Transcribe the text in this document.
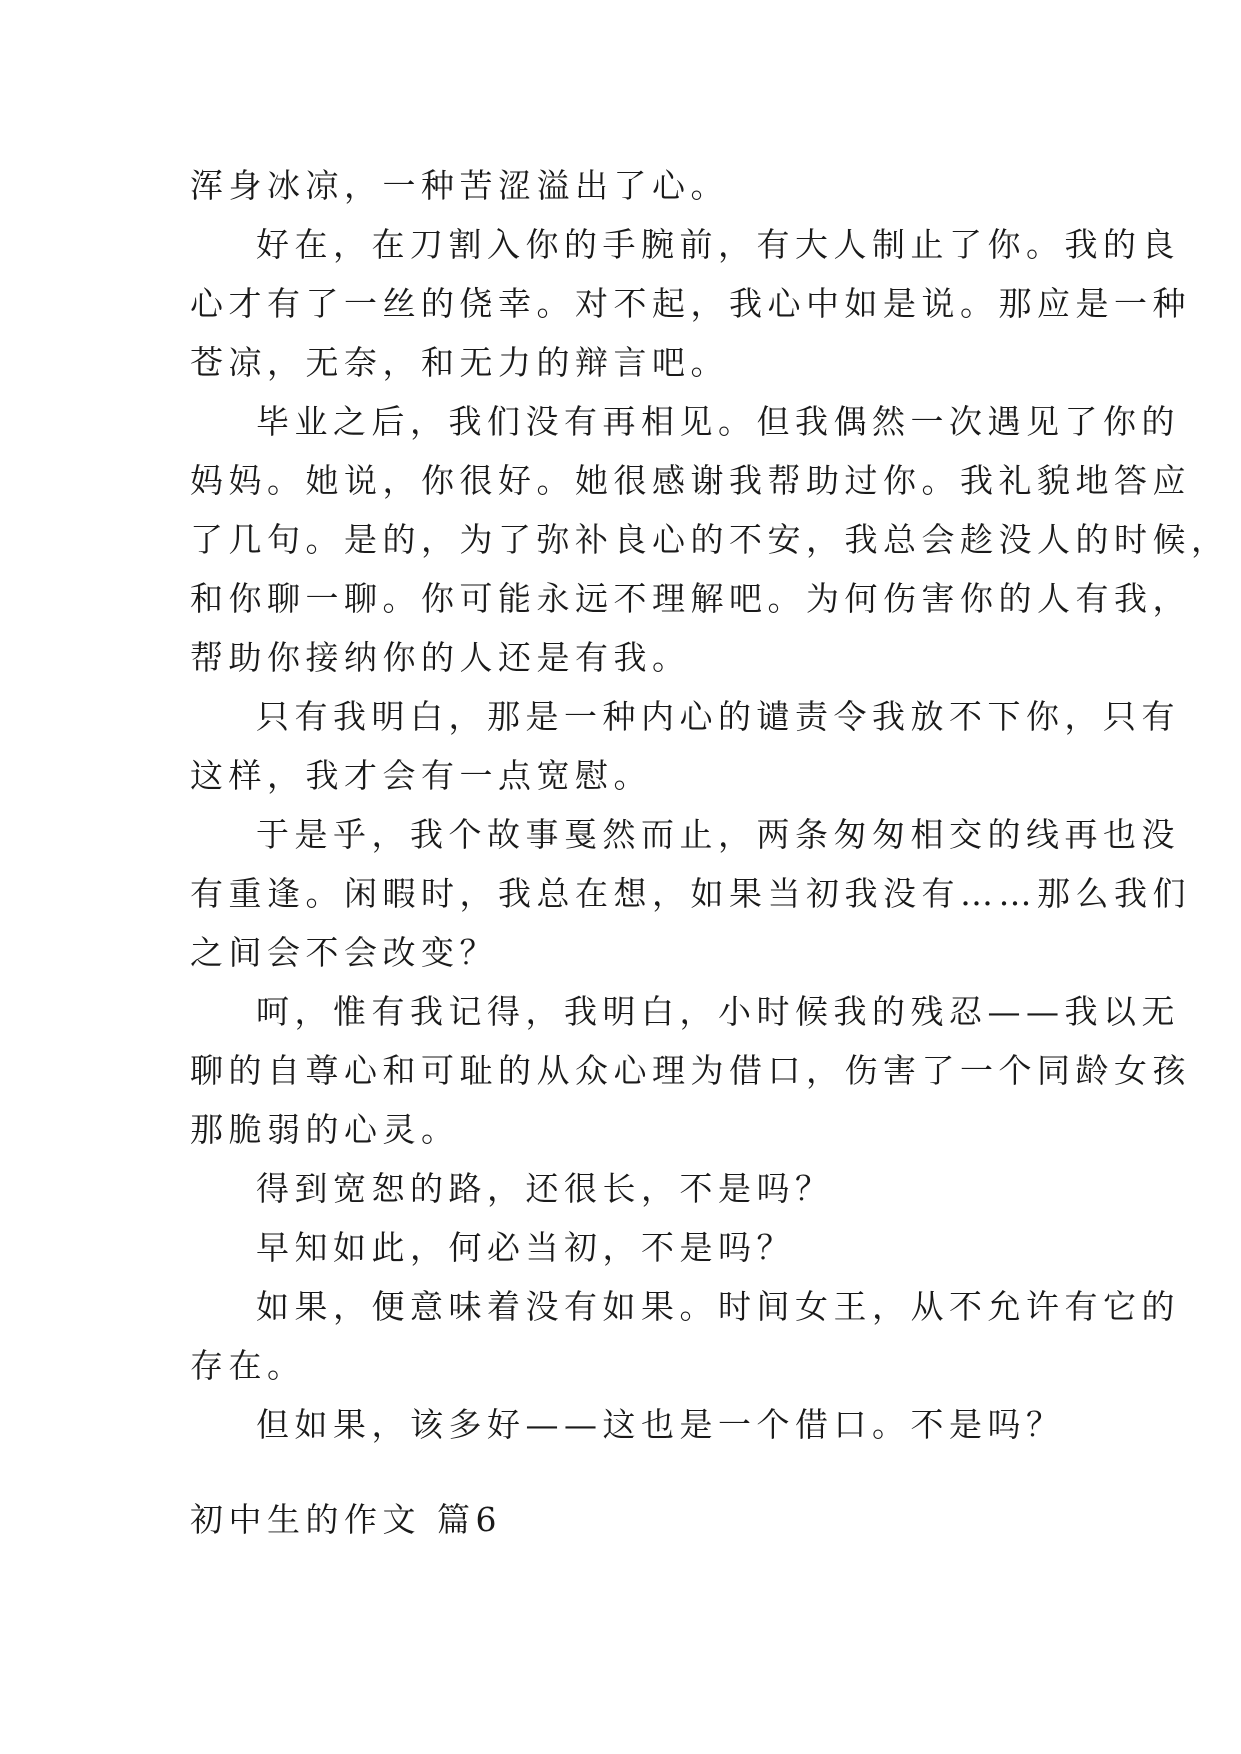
浑身冰凉，一种苦涩溢出了心。

好在，在刀割入你的手腕前，有大人制止了你。我的良

心才有了一丝的侥幸。对不起，我心中如是说。那应是一种

苍凉，无奈，和无力的辩言吧。

毕业之后，我们没有再相见。但我偶然一次遇见了你的

妈妈。她说，你很好。她很感谢我帮助过你。我礼貌地答应

了几句。是的，为了弥补良心的不安，我总会趁没人的时候，

和你聊一聊。你可能永远不理解吧。为何伤害你的人有我，

帮助你接纳你的人还是有我。

只有我明白，那是一种内心的谴责令我放不下你，只有

这样，我才会有一点宽慰。

于是乎，我个故事戛然而止，两条匆匆相交的线再也没

有重逢。闲暇时，我总在想，如果当初我没有……那么我们

之间会不会改变？

呵，惟有我记得，我明白，小时候我的残忍——我以无

聊的自尊心和可耻的从众心理为借口，伤害了一个同龄女孩

那脆弱的心灵。

得到宽恕的路，还很长，不是吗？

早知如此，何必当初，不是吗？

如果，便意味着没有如果。时间女王，从不允许有它的

存在。

但如果，该多好——这也是一个借口。不是吗？

初中生的作文 篇6
